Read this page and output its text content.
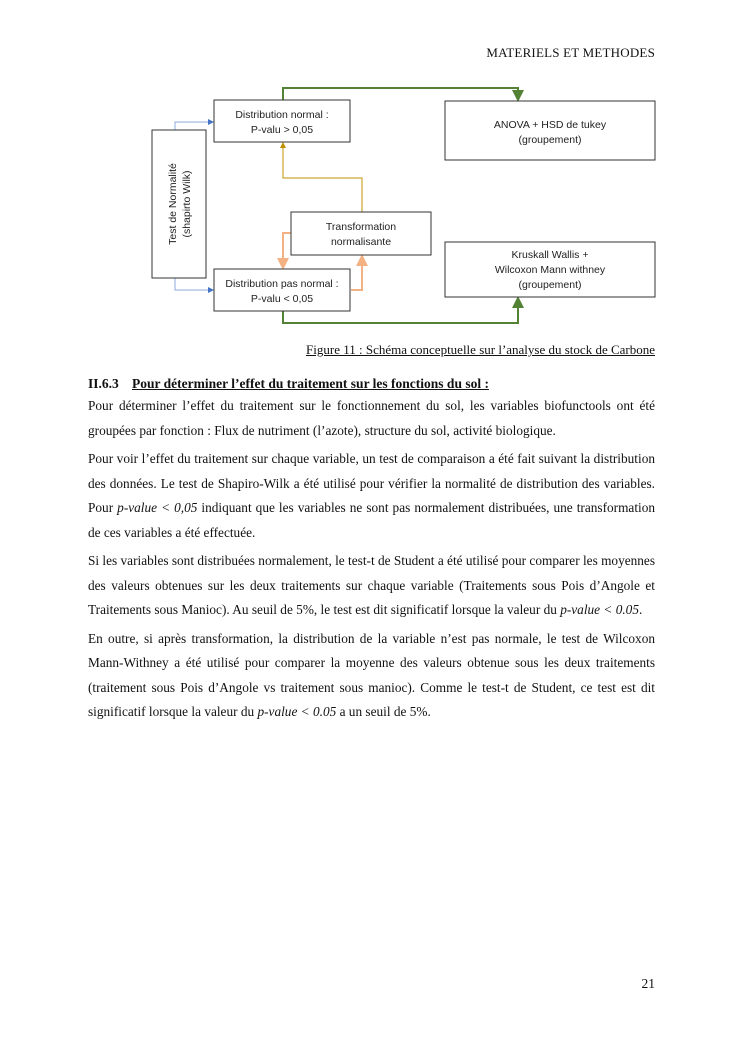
MATERIELS ET METHODES
Test de Normalité (shapirto Wilk)
Distribution normal :
P-valu > 0,05	ANOVA + HSD de tukey
(groupement)
Transformation
normalisante
Kruskall Wallis +
Wilcoxon Mann withney
(groupement)
Distribution pas normal :
P-valu < 0,05
Figure 11 : Schéma conceptuelle sur l’analyse du stock de Carbone
II.6.3 Pour déterminer l’effet du traitement sur les fonctions du sol :

Pour déterminer l’effet du traitement sur le fonctionnement du sol, les variables biofunctools ont été groupées par fonction : Flux de nutriment (l’azote), structure du sol, activité biologique.

Pour voir l’effet du traitement sur chaque variable, un test de comparaison a été fait suivant la distribution des données. Le test de Shapiro-Wilk a été utilisé pour vérifier la normalité de distribution des variables. Pour p-value < 0,05 indiquant que les variables ne sont pas normalement distribuées, une transformation de ces variables a été effectuée.

Si les variables sont distribuées normalement, le test-t de Student a été utilisé pour comparer les moyennes des valeurs obtenues sur les deux traitements sur chaque variable (Traitements sous Pois d’Angole et Traitements sous Manioc). Au seuil de 5%, le test est dit significatif lorsque la valeur du p-value < 0.05.

En outre, si après transformation, la distribution de la variable n’est pas normale, le test de Wilcoxon Mann-Withney a été utilisé pour comparer la moyenne des valeurs obtenue sous les deux traitements (traitement sous Pois d’Angole vs traitement sous manioc). Comme le test-t de Student, ce test est dit significatif lorsque la valeur du p-value < 0.05 a un seuil de 5%.

21
